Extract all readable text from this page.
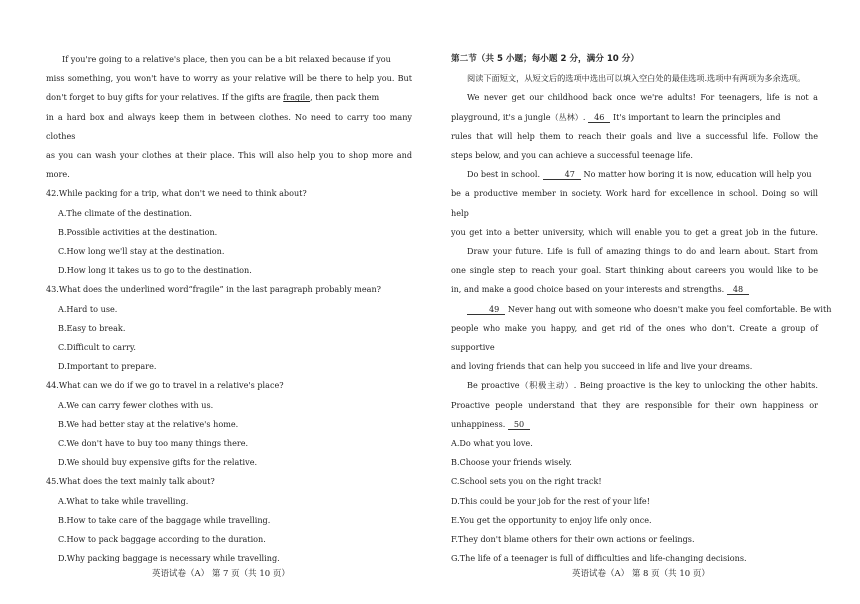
If you're going to a relative's place, then you can be a bit relaxed because if you
miss something, you won't have to worry as your relative will be there to help you. But
don't forget to buy gifts for your relatives. If the gifts are fragile, then pack them
in a hard box and always keep them in between clothes. No need to carry too many clothes
as you can wash your clothes at their place. This will also help you to shop more and
more.
42.While packing for a trip, what don't we need to think about?
A.The climate of the destination.
B.Possible activities at the destination.
C.How long we'll stay at the destination.
D.How long it takes us to go to the destination.
43.What does the underlined word“fragile” in the last paragraph probably mean?
A.Hard to use.
B.Easy to break.
C.Difficult to carry.
D.Important to prepare.
44.What can we do if we go to travel in a relative's place?
A.We can carry fewer clothes with us.
B.We had better stay at the relative's home.
C.We don't have to buy too many things there.
D.We should buy expensive gifts for the relative.
45.What does the text mainly talk about?
A.What to take while travelling.
B.How to take care of the baggage while travelling.
C.How to pack baggage according to the duration.
D.Why packing baggage is necessary while travelling.
第二节（共 5 小题；每小题 2 分，满分 10 分）
阅读下面短文，从短文后的选项中选出可以填入空白处的最佳选项.选项中有两项为多余选项。
We never get our childhood back once we're adults! For teenagers, life is not a
playground, it's a jungle（丛林）. 46 It's important to learn the principles and
rules that will help them to reach their goals and live a successful life. Follow the
steps below, and you can achieve a successful teenage life.
Do best in school.	47 No matter how boring it is now, education will help you
be a productive member in society. Work hard for excellence in school. Doing so will help
you get into a better university, which will enable you to get a great job in the future.
Draw your future. Life is full of amazing things to do and learn about. Start from
one single step to reach your goal. Start thinking about careers you would like to be
in, and make a good choice based on your interests and strengths. 48
49 Never hang out with someone who doesn't make you feel comfortable. Be with
people who make you happy, and get rid of the ones who don't. Create a group of supportive
and loving friends that can help you succeed in life and live your dreams.
Be proactive（积极主动）. Being proactive is the key to unlocking the other habits.
Proactive people understand that they are responsible for their own happiness or
unhappiness. 50
A.Do what you love.
B.Choose your friends wisely.
C.School sets you on the right track!
D.This could be your job for the rest of your life!
E.You get the opportunity to enjoy life only once.
F.They don't blame others for their own actions or feelings.
G.The life of a teenager is full of difficulties and life-changing decisions.
英语试卷（A） 第 7 页（共 10 页）	英语试卷（A） 第 8 页（共 10 页）
